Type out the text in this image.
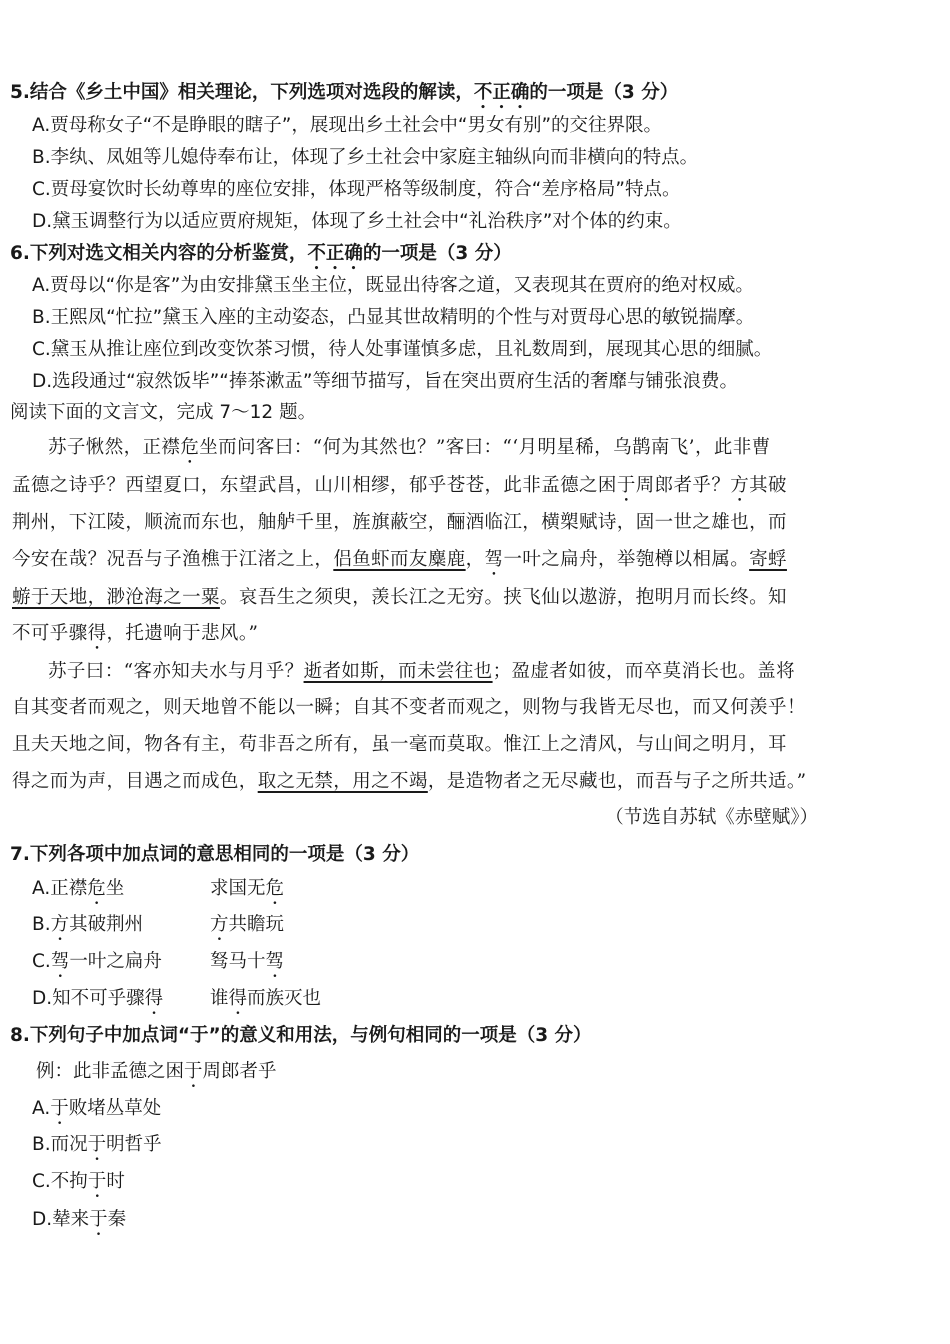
5.结合《乡土中国》相关理论，下列选项对选段的解读，不正确的一项是（3 分）
A.贾母称女子“不是睁眼的瞎子”，展现出乡土社会中“男女有别”的交往界限。
B.李纨、凤姐等儿媳侍奉布让，体现了乡土社会中家庭主轴纵向而非横向的特点。
C.贾母宴饮时长幼尊卑的座位安排，体现严格等级制度，符合“差序格局”特点。
D.黛玉调整行为以适应贾府规矩，体现了乡土社会中“礼治秩序”对个体的约束。
6.下列对选文相关内容的分析鉴赏，不正确的一项是（3 分）
A.贾母以“你是客”为由安排黛玉坐主位，既显出待客之道，又表现其在贾府的绝对权威。
B.王熙凤“忙拉”黛玉入座的主动姿态，凸显其世故精明的个性与对贾母心思的敏锐揣摩。
C.黛玉从推让座位到改变饮茶习惯，待人处事谨慎多虑，且礼数周到，展现其心思的细腻。
D.选段通过“寂然饭毕”“捧茶漱盂”等细节描写，旨在突出贾府生活的奢靡与铺张浪费。
阅读下面的文言文，完成 7～12 题。
苏子愀然，正襟危坐而问客曰：“何为其然也？”客曰：“‘月明星稀，乌鹊南飞’，此非曹
孟德之诗乎？西望夏口，东望武昌，山川相缪，郁乎苍苍，此非孟德之困于周郎者乎？方其破
荆州，下江陵，顺流而东也，舳舻千里，旌旗蔽空，酾酒临江，横槊赋诗，固一世之雄也，而
今安在哉？况吾与子渔樵于江渚之上，侣鱼虾而友麋鹿，驾一叶之扁舟，举匏樽以相属。寄蜉
蝣于天地，渺沧海之一粟。哀吾生之须臾，羡长江之无穷。挟飞仙以遨游，抱明月而长终。知
不可乎骤得，托遗响于悲风。”
苏子曰：“客亦知夫水与月乎？逝者如斯，而未尝往也；盈虚者如彼，而卒莫消长也。盖将
自其变者而观之，则天地曾不能以一瞬；自其不变者而观之，则物与我皆无尽也，而又何羡乎！
且夫天地之间，物各有主，苟非吾之所有，虽一毫而莫取。惟江上之清风，与山间之明月，耳
得之而为声，目遇之而成色，取之无禁，用之不竭，是造物者之无尽藏也，而吾与子之所共适。”
（节选自苏轼《赤壁赋》）
7.下列各项中加点词的意思相同的一项是（3 分）
A.正襟危坐	求国无危
B.方其破荆州	方共瞻玩
C.驾一叶之扁舟	驽马十驾
D.知不可乎骤得	谁得而族灭也
8.下列句子中加点词“于”的意义和用法，与例句相同的一项是（3 分）
例：此非孟德之困于周郎者乎
A.于败堵丛草处
B.而况于明哲乎
C.不拘于时
D.辇来于秦
